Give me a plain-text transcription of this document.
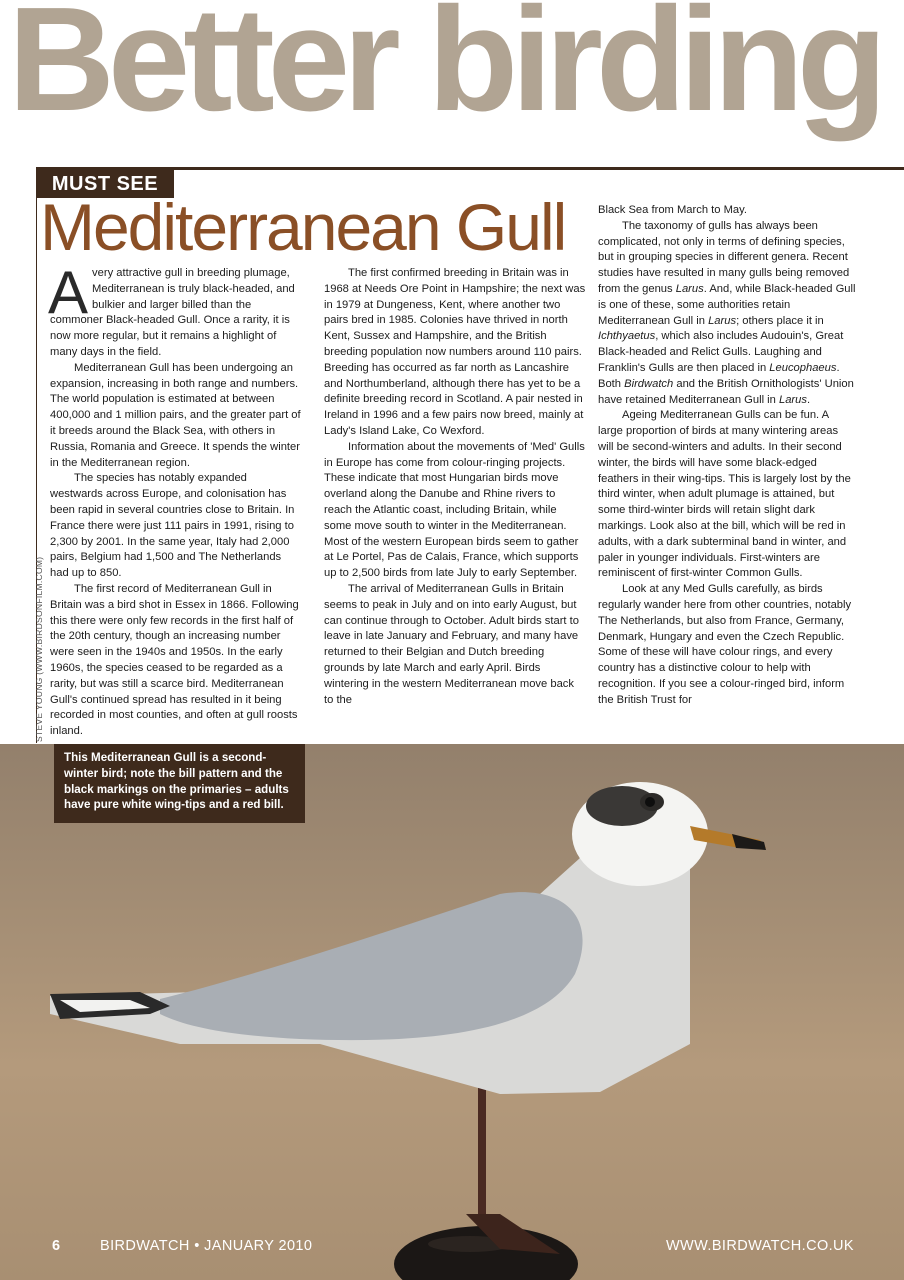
Better birding
MUST SEE
Mediterranean Gull
STEVE YOUNG (WWW.BIRDSONFILM.COM)

Avery attractive gull in breeding plumage, Mediterranean is truly black-headed, and bulkier and larger billed than the commoner Black-headed Gull. Once a rarity, it is now more regular, but it remains a highlight of many days in the field.

Mediterranean Gull has been undergoing an expansion, increasing in both range and numbers. The world population is estimated at between 400,000 and 1 million pairs, and the greater part of it breeds around the Black Sea, with others in Russia, Romania and Greece. It spends the winter in the Mediterranean region.

The species has notably expanded westwards across Europe, and colonisation has been rapid in several countries close to Britain. In France there were just 111 pairs in 1991, rising to 2,300 by 2001. In the same year, Italy had 2,000 pairs, Belgium had 1,500 and The Netherlands had up to 850.

The first record of Mediterranean Gull in Britain was a bird shot in Essex in 1866. Following this there were only few records in the first half of the 20th century, though an increasing number were seen in the 1940s and 1950s. In the early 1960s, the species ceased to be regarded as a rarity, but was still a scarce bird. Mediterranean Gull's continued spread has resulted in it being recorded in most counties, and often at gull roosts inland.

The first confirmed breeding in Britain was in 1968 at Needs Ore Point in Hampshire; the next was in 1979 at Dungeness, Kent, where another two pairs bred in 1985. Colonies have thrived in north Kent, Sussex and Hampshire, and the British breeding population now numbers around 110 pairs. Breeding has occurred as far north as Lancashire and Northumberland, although there has yet to be a definite breeding record in Scotland. A pair nested in Ireland in 1996 and a few pairs now breed, mainly at Lady's Island Lake, Co Wexford.

Information about the movements of 'Med' Gulls in Europe has come from colour-ringing projects. These indicate that most Hungarian birds move overland along the Danube and Rhine rivers to reach the Atlantic coast, including Britain, while some move south to winter in the Mediterranean. Most of the western European birds seem to gather at Le Portel, Pas de Calais, France, which supports up to 2,500 birds from late July to early September.

The arrival of Mediterranean Gulls in Britain seems to peak in July and on into early August, but can continue through to October. Adult birds start to leave in late January and February, and many have returned to their Belgian and Dutch breeding grounds by late March and early April. Birds wintering in the western Mediterranean move back to the

Black Sea from March to May.

The taxonomy of gulls has always been complicated, not only in terms of defining species, but in grouping species in different genera. Recent studies have resulted in many gulls being removed from the genus Larus. And, while Black-headed Gull is one of these, some authorities retain Mediterranean Gull in Larus; others place it in Ichthyaetus, which also includes Audouin's, Great Black-headed and Relict Gulls. Laughing and Franklin's Gulls are then placed in Leucophaeus. Both Birdwatch and the British Ornithologists' Union have retained Mediterranean Gull in Larus.

Ageing Mediterranean Gulls can be fun. A large proportion of birds at many wintering areas will be second-winters and adults. In their second winter, the birds will have some black-edged feathers in their wing-tips. This is largely lost by the third winter, when adult plumage is attained, but some third-winter birds will retain slight dark markings. Look also at the bill, which will be red in adults, with a dark subterminal band in winter, and paler in younger individuals. First-winters are reminiscent of first-winter Common Gulls.

Look at any Med Gulls carefully, as birds regularly wander here from other countries, notably The Netherlands, but also from France, Germany, Denmark, Hungary and even the Czech Republic. Some of these will have colour rings, and every country has a distinctive colour to help with recognition. If you see a colour-ringed bird, inform the British Trust for

This Mediterranean Gull is a second-winter bird; note the bill pattern and the black markings on the primaries – adults have pure white wing-tips and a red bill.
6	BIRDWATCH • JANUARY 2010	WWW.BIRDWATCH.CO.UK
